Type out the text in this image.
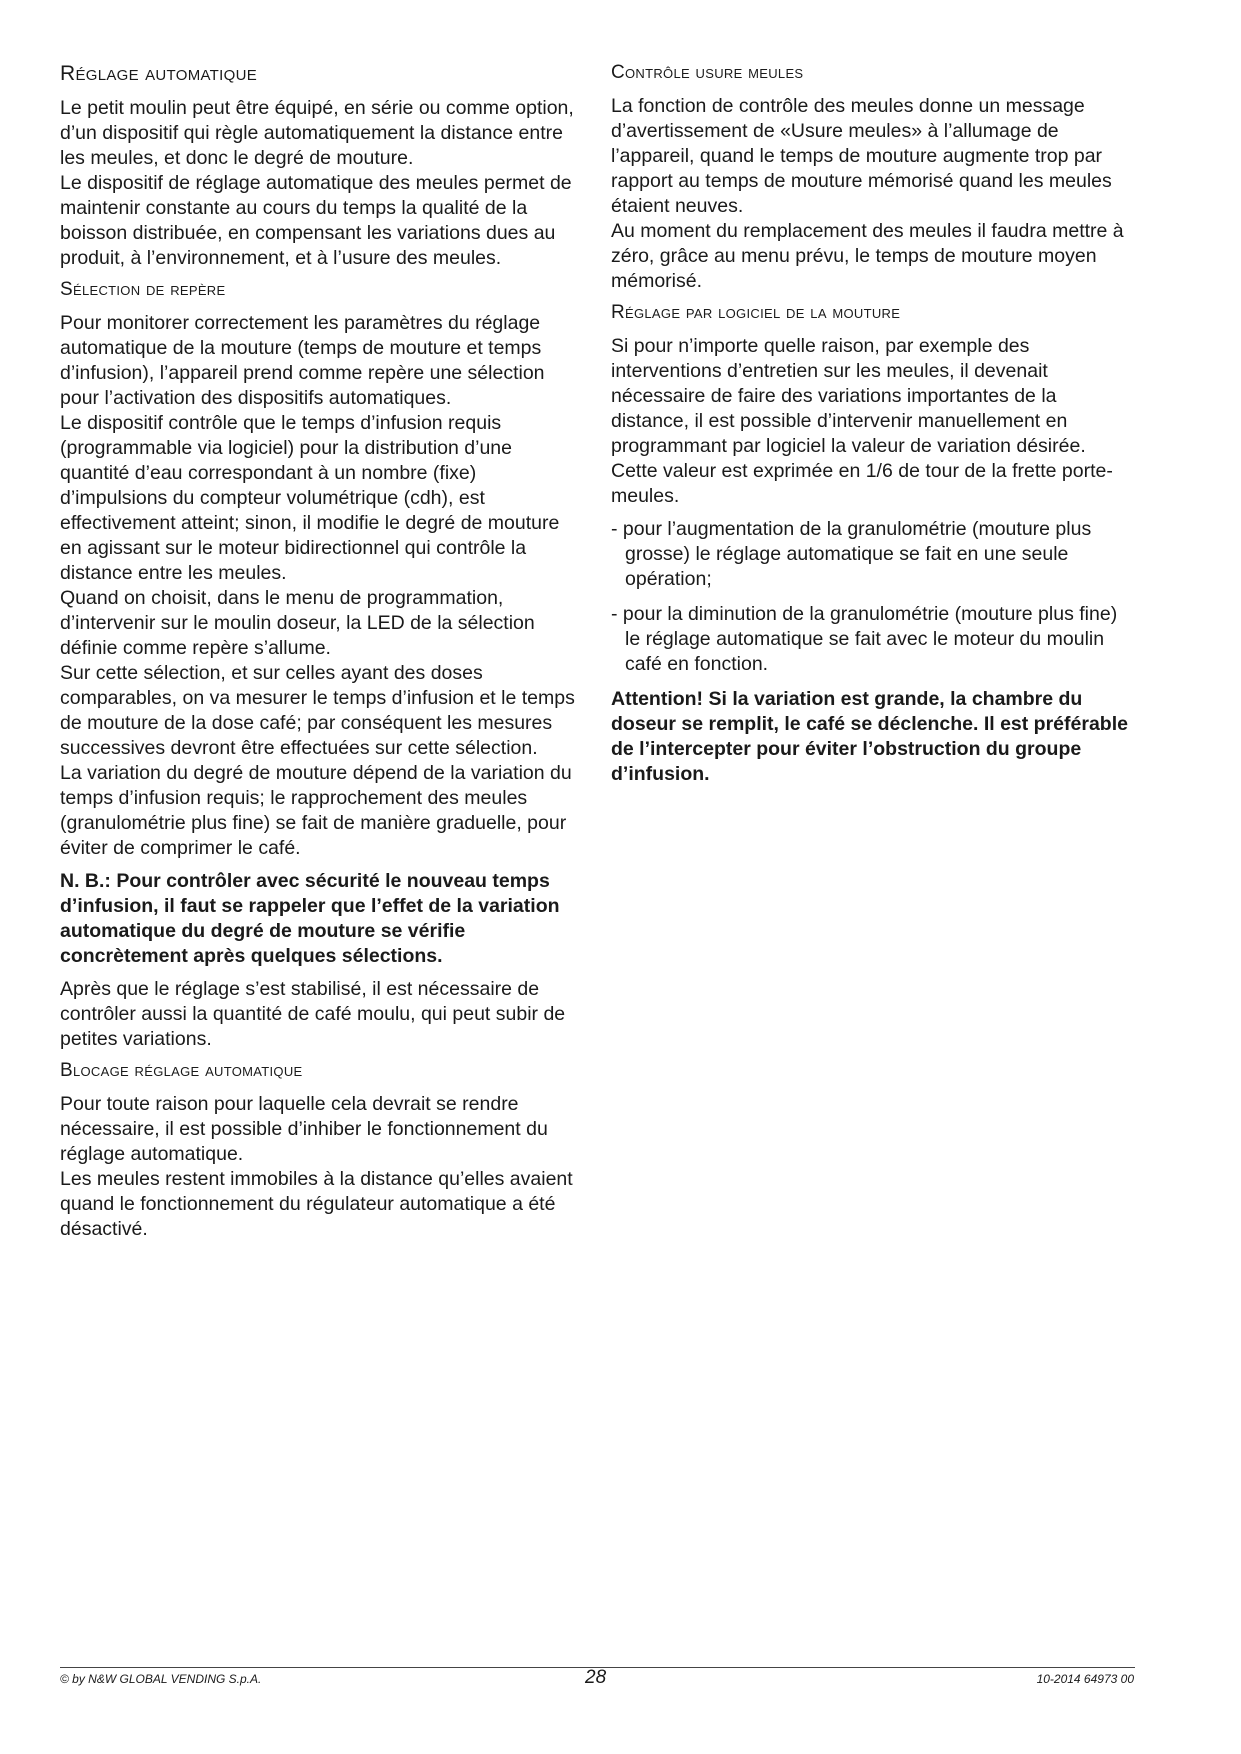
Réglage automatique

Le petit moulin peut être équipé, en série ou comme option, d’un dispositif qui règle automatiquement la distance entre les meules, et donc le degré de mouture.

Le dispositif de réglage automatique des meules permet de maintenir constante au cours du temps la qualité de la boisson distribuée, en compensant les variations dues au produit, à l’environnement, et à l’usure des meules.

Sélection de repère

Pour monitorer correctement les paramètres du réglage automatique de la mouture (temps de mouture et temps d’infusion), l’appareil prend comme repère une sélection pour l’activation des dispositifs automatiques.

Le dispositif contrôle que le temps d’infusion requis (programmable via logiciel) pour la distribution d’une quantité d’eau correspondant à un nombre (fixe) d’impulsions du compteur volumétrique (cdh), est effectivement atteint; sinon, il modifie le degré de mouture en agissant sur le moteur bidirectionnel qui contrôle la distance entre les meules.

Quand on choisit, dans le menu de programmation, d’intervenir sur le moulin doseur, la LED de la sélection définie comme repère s’allume.

Sur cette sélection, et sur celles ayant des doses comparables, on va mesurer le temps d’infusion et le temps de mouture de la dose café; par conséquent les mesures successives devront être effectuées sur cette sélection.

La variation du degré de mouture dépend de la variation du temps d’infusion requis; le rapprochement des meules (granulométrie plus fine) se fait de manière graduelle, pour éviter de comprimer le café.

N. B.: Pour contrôler avec sécurité le nouveau temps d’infusion, il faut se rappeler que l’effet de la variation automatique du degré de mouture se vérifie concrètement après quelques sélections.

Après que le réglage s’est stabilisé, il est nécessaire de contrôler aussi la quantité de café moulu, qui peut subir de petites variations.

Blocage réglage automatique

Pour toute raison pour laquelle cela devrait se rendre nécessaire, il est possible d’inhiber le fonctionnement du réglage automatique.

Les meules restent immobiles à la distance qu’elles avaient quand le fonctionnement du régulateur automatique a été désactivé.

Contrôle usure meules

La fonction de contrôle des meules donne un message d’avertissement de «Usure meules» à l’allumage de l’appareil, quand le temps de mouture augmente trop par rapport au temps de mouture mémorisé quand les meules étaient neuves.

Au moment du remplacement des meules il faudra mettre à zéro, grâce au menu prévu, le temps de mouture moyen mémorisé.

Réglage par logiciel de la mouture

Si pour n’importe quelle raison, par exemple des interventions d’entretien sur les meules, il devenait nécessaire de faire des variations importantes de la distance, il est possible d’intervenir manuellement en programmant par logiciel la valeur de variation désirée.

Cette valeur est exprimée en 1/6 de tour de la frette porte-meules.

- pour l’augmentation de la granulométrie (mouture plus grosse) le réglage automatique se fait en une seule opération;
- pour la diminution de la granulométrie (mouture plus fine) le réglage automatique se fait avec le moteur du moulin café en fonction.

Attention! Si la variation est grande, la chambre du doseur se remplit, le café se déclenche. Il est préférable de l’intercepter pour éviter l’obstruction du groupe d’infusion.

© by N&W GLOBAL VENDING S.p.A.	28	10-2014 64973 00
